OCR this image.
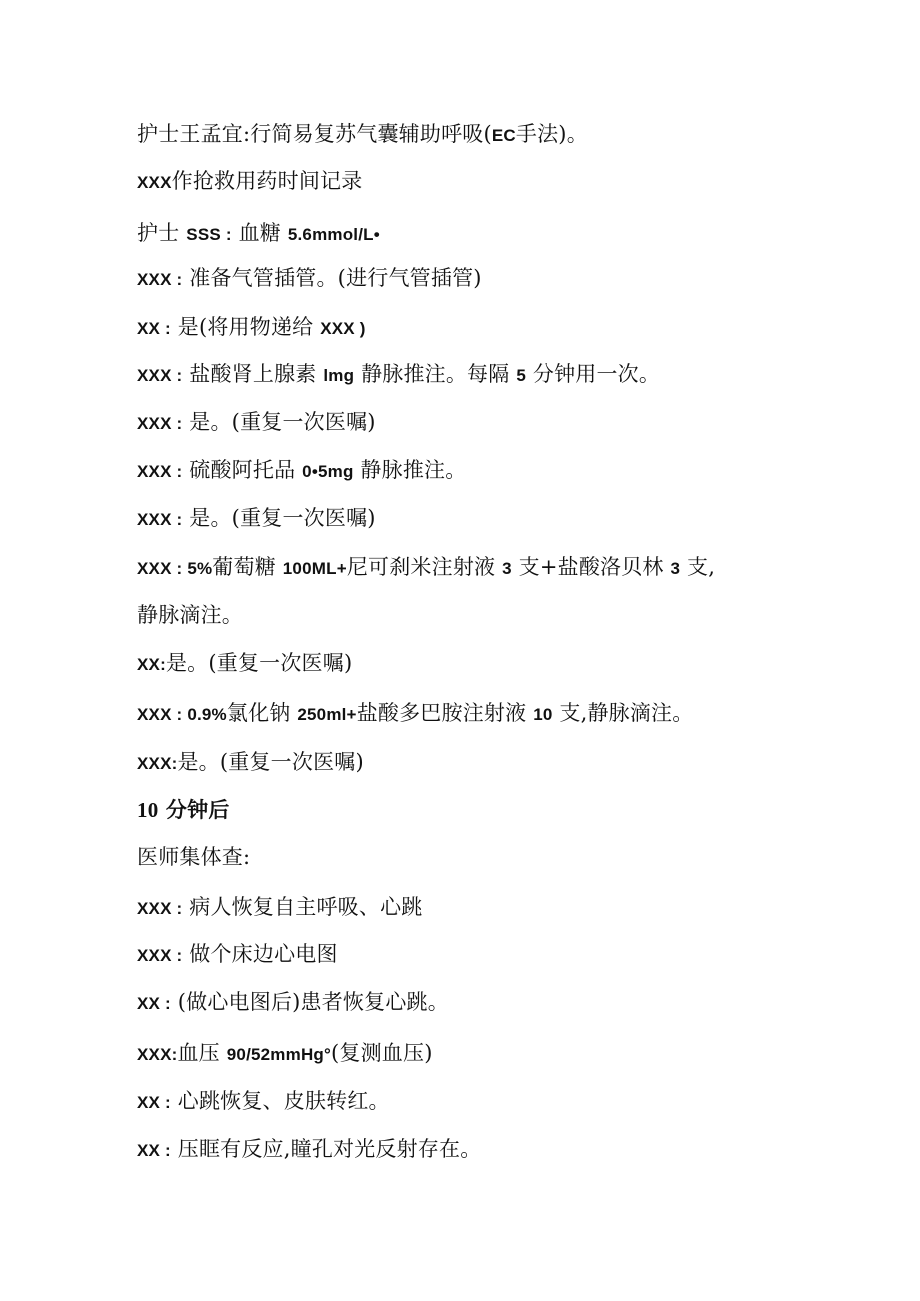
护士王孟宜:行简易复苏气囊辅助呼吸(EC手法)。
XXX作抢救用药时间记录
护士 SSS : 血糖 5.6mmol/L•
XXX : 准备气管插管。(进行气管插管)
XX : 是(将用物递给 XXX )
XXX : 盐酸肾上腺素 lmg 静脉推注。每隔 5 分钟用一次。
XXX : 是。(重复一次医嘱)
XXX : 硫酸阿托品 0•5mg 静脉推注。
XXX : 是。(重复一次医嘱)
XXX : 5%葡萄糖 100ML+尼可刹米注射液 3 支+盐酸洛贝林 3 支,
静脉滴注。
XX:是。(重复一次医嘱)
XXX : 0.9%氯化钠 250ml+盐酸多巴胺注射液 10 支,静脉滴注。
XXX:是。(重复一次医嘱)
10 分钟后
医师集体查:
XXX : 病人恢复自主呼吸、心跳
XXX : 做个床边心电图
XX : (做心电图后)患者恢复心跳。
XXX:血压 90/52mmHg°(复测血压)
XX : 心跳恢复、皮肤转红。
XX : 压眶有反应,瞳孔对光反射存在。
